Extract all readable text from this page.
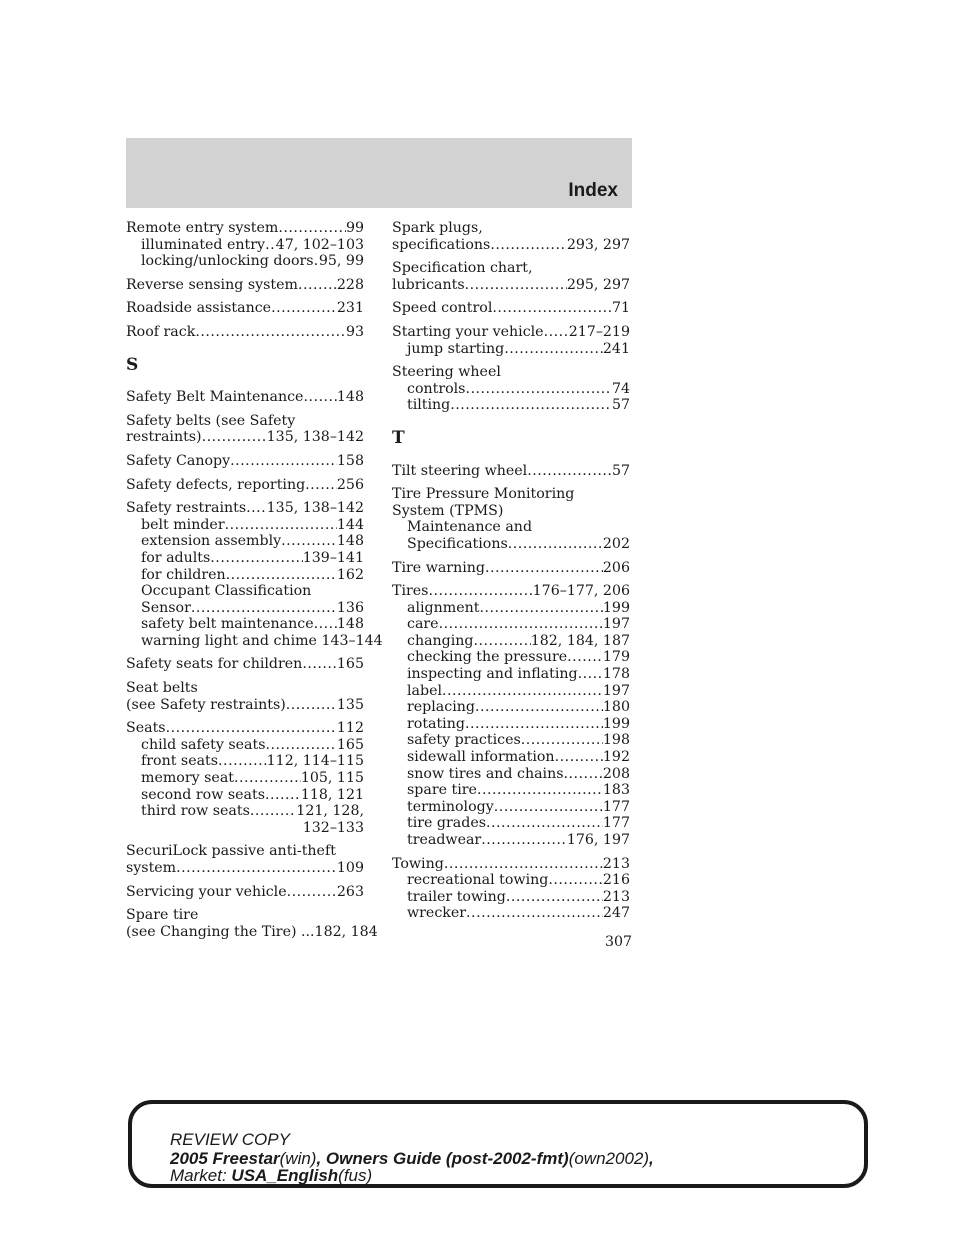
Index
Remote entry system .....	99
illuminated entry ..... 47, 102–103
locking/unlocking doors ..... 95, 99
Reverse sensing system .....	228
Roadside assistance .....	231
Roof rack .....	93
S
Safety Belt Maintenance ..... 148
Safety belts (see Safety
restraints) .....	135, 138–142
Safety Canopy .....	158
Safety defects, reporting ..... 256
Safety restraints ..... 135, 138–142
belt minder .....	144
extension assembly .....	148
for adults .....	139–141
for children .....	162
Occupant Classification
Sensor .....	136
safety belt maintenance ..... 148
warning light and chime 143–144
Safety seats for children ..... 165
Seat belts
(see Safety restraints) .....	135
Seats .....	112
child safety seats .....	165
front seats .....	112, 114–115
memory seat .....	105, 115
second row seats .....	118, 121
third row seats .....	121, 128,
132–133
SecuriLock passive anti-theft
system .....	109
Servicing your vehicle .....	263
Spare tire
(see Changing the Tire) ...182, 184
Spark plugs,
specifications .....	293, 297
Specification chart,
lubricants .....	295, 297
Speed control .....	71
Starting your vehicle ..... 217–219
jump starting .....	241
Steering wheel
controls .....	74
tilting .....	57
T
Tilt steering wheel .....	57
Tire Pressure Monitoring
System (TPMS)
Maintenance and
Specifications .....	202
Tire warning .....	206
Tires .....	176–177, 206
alignment .....	199
care .....	197
changing .....	182, 184, 187
checking the pressure .....	179
inspecting and inflating ..... 178
label .....	197
replacing .....	180
rotating .....	199
safety practices .....	198
sidewall information .....	192
snow tires and chains .....	208
spare tire .....	183
terminology .....	177
tire grades .....	177
treadwear .....	176, 197
Towing .....	213
recreational towing .....	216
trailer towing .....	213
wrecker .....	247
307
REVIEW COPY
2005 Freestar(win), Owners Guide (post-2002-fmt)(own2002),
Market: USA_English(fus)
